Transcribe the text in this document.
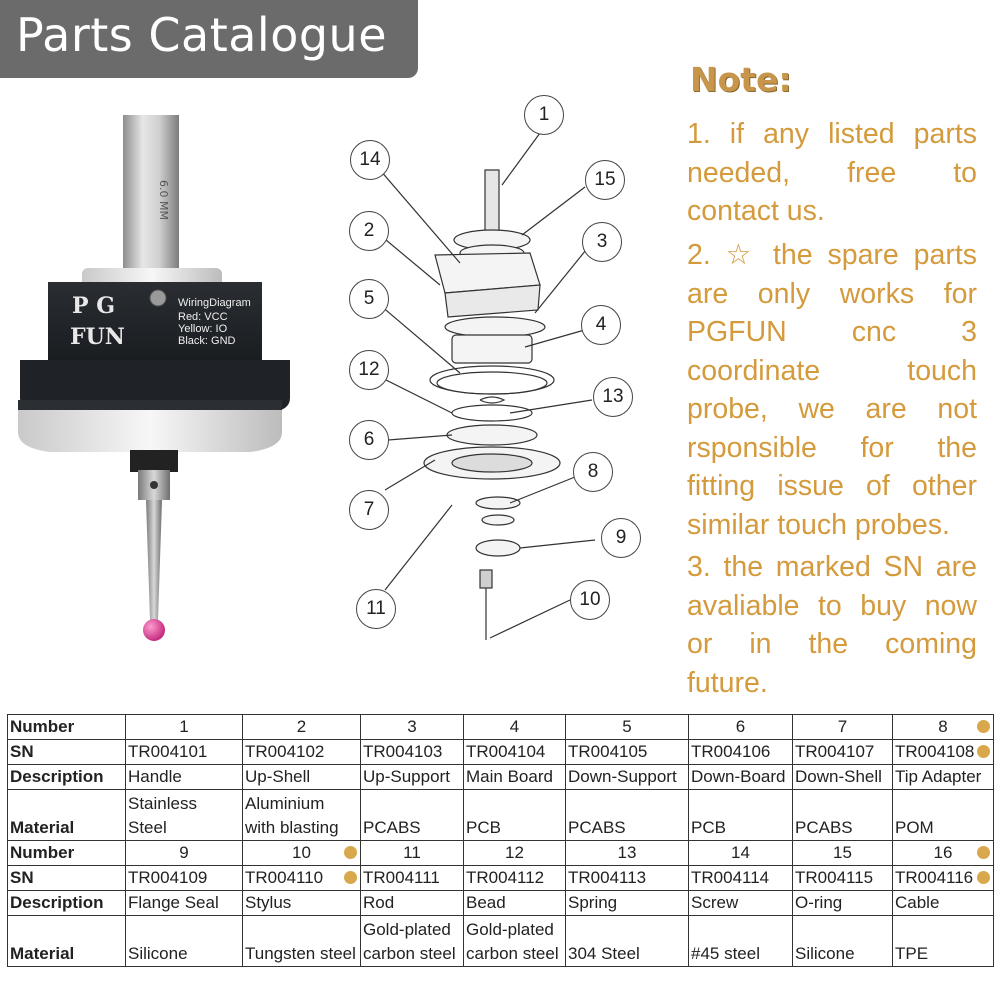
Parts Catalogue
6.0 MM
P G
FUN
WiringDiagram
Red: VCC
Yellow: IO
Black: GND
1
14
15
2
3
5
4
12
13
6
8
7
9
11	10
Note:
1. if any listed parts needed, free to contact us.
2. ☆ the spare parts are only works for PGFUN cnc 3 coordinate touch probe, we are not rsponsible for the fitting issue of other similar touch probes.
3. the marked SN are avaliable to buy now or in the coming future.
Number	1	2	3	4	5	6	7	8

SN	TR004101	TR004102	TR004103	TR004104	TR004105	TR004106	TR004107	TR004108

Description	Handle	Up-Shell	Up-Support	Main Board	Down-Support	Down-Board	Down-Shell	Tip Adapter
Material	Stainless Steel	Aluminium with blasting	PCABS	PCB	PCABS	PCB	PCABS	POM
Number	9	10	11	12	13	14	15	16

SN	TR004109	TR004110	TR004111	TR004112	TR004113	TR004114	TR004115	TR004116

Description	Flange Seal	Stylus	Rod	Bead	Spring	Screw	O-ring	Cable
Material	Silicone	Tungsten steel	Gold-plated carbon steel	Gold-plated carbon steel	304 Steel	#45 steel	Silicone	TPE
